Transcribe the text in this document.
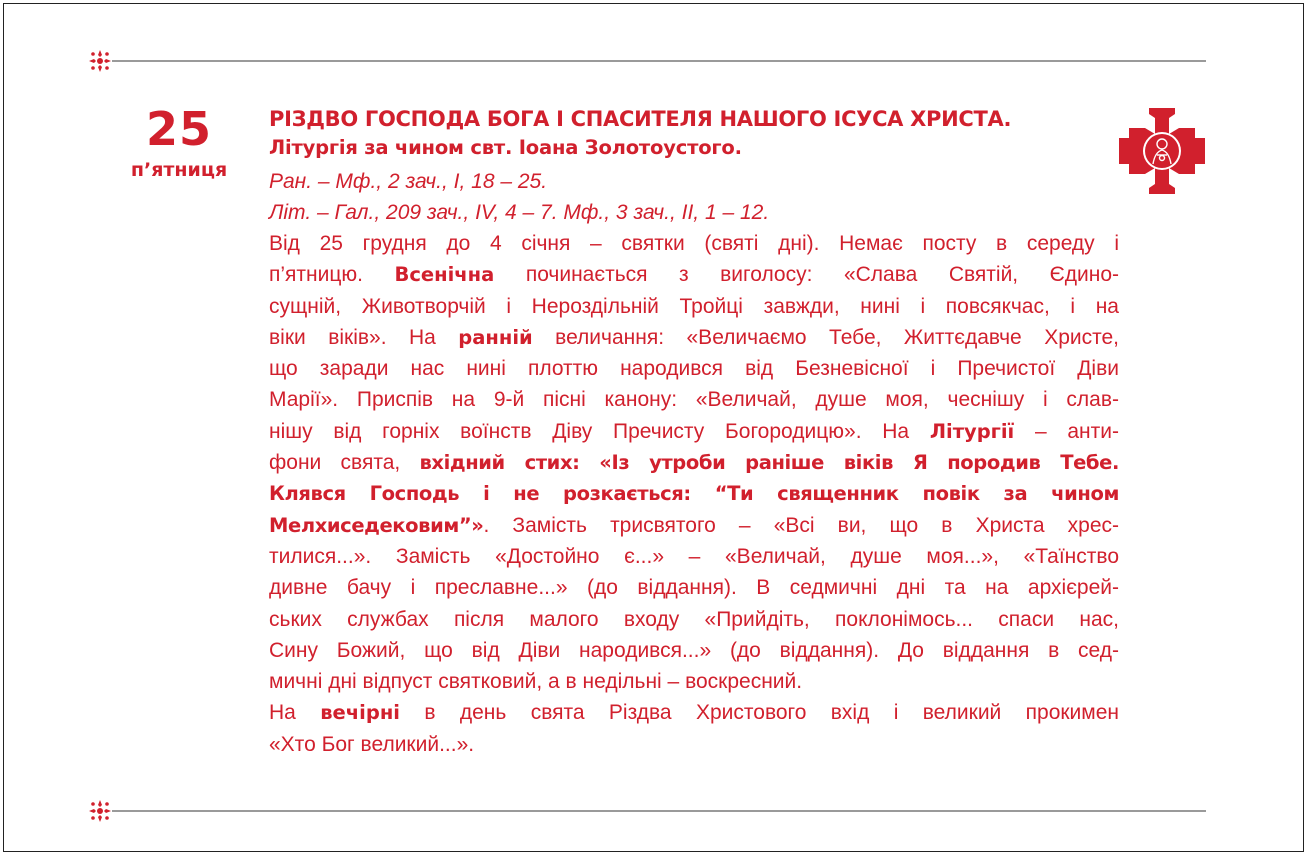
25
п’ятниця
РІЗДВО ГОСПОДА БОГА І СПАСИТЕЛЯ НАШОГО ІСУСА ХРИСТА.
Літургія за чином свт. Іоана Золотоустого.
Ран. – Мф., 2 зач., І, 18 – 25.
Літ. – Гал., 209 зач., IV, 4 – 7. Мф., 3 зач., ІІ, 1 – 12.
Від 25 грудня до 4 січня – святки (святі дні). Немає посту в середу і
п’ятницю. Всенічна починається з виголосу: «Слава Святій, Єдино-
сущній, Животворчій і Нероздільній Тройці завжди, нині і повсякчас, і на
віки віків». На ранній величання: «Величаємо Тебе, Життєдавче Христе,
що заради нас нині плоттю народився від Безневісної і Пречистої Діви
Марії». Приспів на 9-й пісні канону: «Величай, душе моя, чеснішу і слав-
нішу від горніх воїнств Діву Пречисту Богородицю». На Літургії – анти-
фони свята, вхідний стих: «Із утроби раніше віків Я породив Тебе.
Клявся Господь і не розкається: “Ти священник повік за чином
Мелхиседековим”». Замість трисвятого – «Всі ви, що в Христа хрес-
тилися...». Замість «Достойно є...» – «Величай, душе моя...», «Таїнство
дивне бачу і преславне...» (до віддання). В седмичні дні та на архієрей-
ських службах після малого входу «Прийдіть, поклонімось... спаси нас,
Сину Божий, що від Діви народився...» (до віддання). До віддання в сед-
мичні дні відпуст святковий, а в недільні – воскресний.
На вечірні в день свята Різдва Христового вхід і великий прокимен
«Хто Бог великий...».
